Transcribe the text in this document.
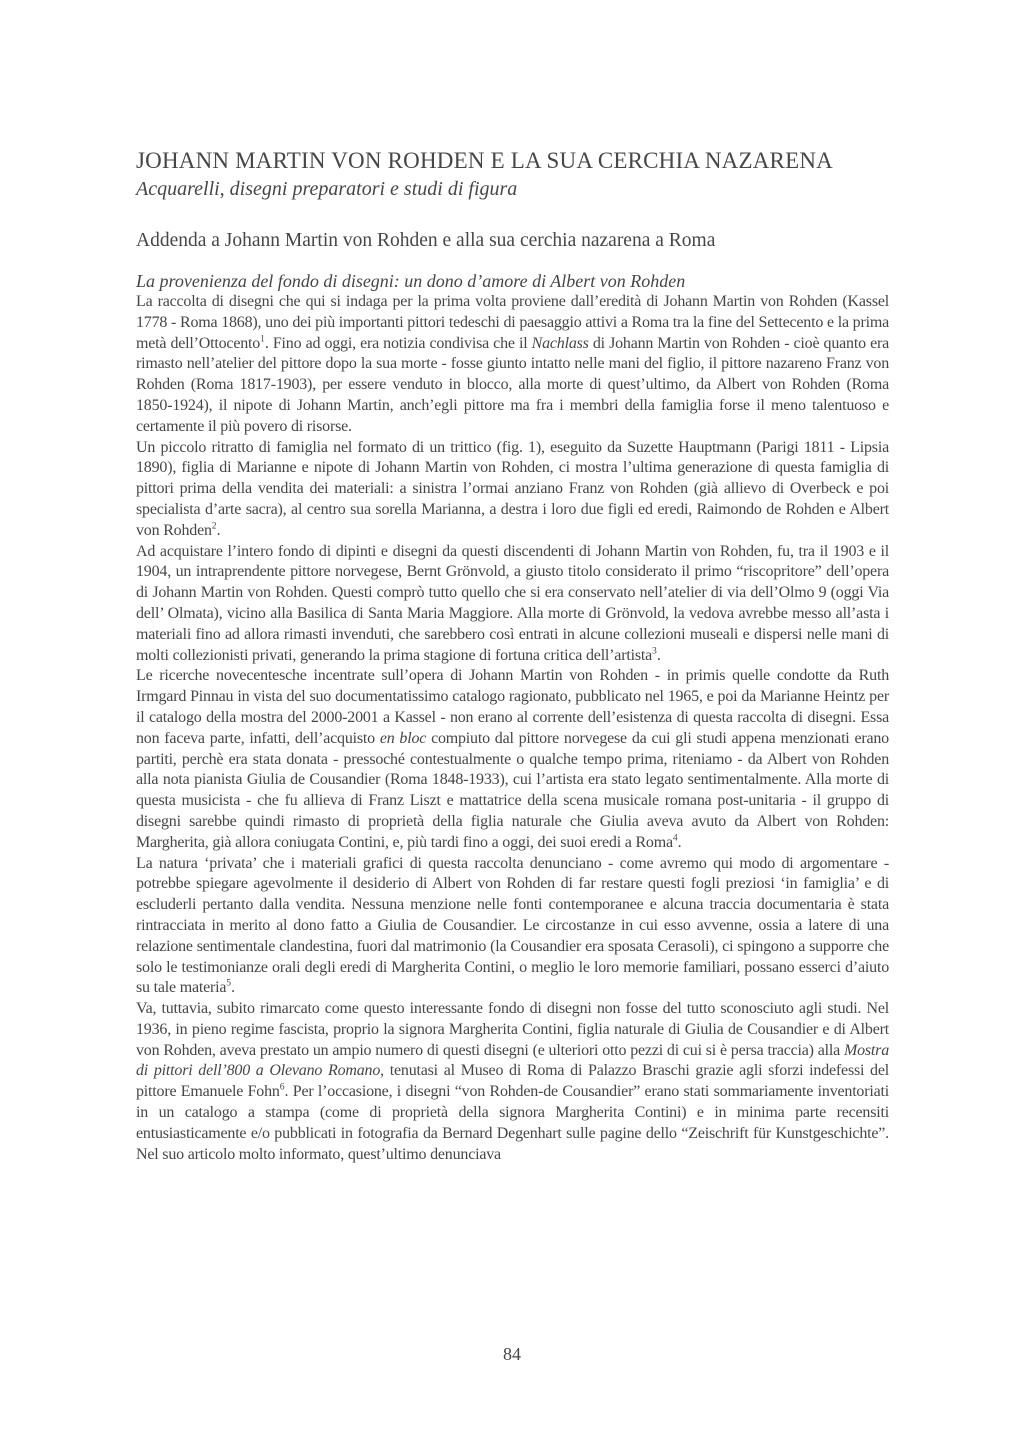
JOHANN MARTIN VON ROHDEN E LA SUA CERCHIA NAZARENA
Acquarelli, disegni preparatori e studi di figura
Addenda a Johann Martin von Rohden e alla sua cerchia nazarena a Roma
La provenienza del fondo di disegni: un dono d’amore di Albert von Rohden

La raccolta di disegni che qui si indaga per la prima volta proviene dall’eredità di Johann Martin von Rohden (Kassel 1778 - Roma 1868), uno dei più importanti pittori tedeschi di paesaggio attivi a Roma tra la fine del Settecento e la prima metà dell’Ottocento$^1$. Fino ad oggi, era notizia condivisa che il Nachlass di Johann Martin von Rohden - cioè quanto era rimasto nell’atelier del pittore dopo la sua morte - fosse giunto intatto nelle mani del figlio, il pittore nazareno Franz von Rohden (Roma 1817-1903), per essere venduto in blocco, alla morte di quest’ultimo, da Albert von Rohden (Roma 1850-1924), il nipote di Johann Martin, anch’egli pittore ma fra i membri della famiglia forse il meno talentuoso e certamente il più povero di risorse.

Un piccolo ritratto di famiglia nel formato di un trittico (fig. 1), eseguito da Suzette Hauptmann (Parigi 1811 - Lipsia 1890), figlia di Marianne e nipote di Johann Martin von Rohden, ci mostra l’ultima generazione di questa famiglia di pittori prima della vendita dei materiali: a sinistra l’ormai anziano Franz von Rohden (già allievo di Overbeck e poi specialista d’arte sacra), al centro sua sorella Marianna, a destra i loro due figli ed eredi, Raimondo de Rohden e Albert von Rohden$^2$.

Ad acquistare l’intero fondo di dipinti e disegni da questi discendenti di Johann Martin von Rohden, fu, tra il 1903 e il 1904, un intraprendente pittore norvegese, Bernt Grönvold, a giusto titolo considerato il primo “riscopritore” dell’opera di Johann Martin von Rohden. Questi comprò tutto quello che si era conservato nell’atelier di via dell’Olmo 9 (oggi Via dell’ Olmata), vicino alla Basilica di Santa Maria Maggiore. Alla morte di Grönvold, la vedova avrebbe messo all’asta i materiali fino ad allora rimasti invenduti, che sarebbero così entrati in alcune collezioni museali e dispersi nelle mani di molti collezionisti privati, generando la prima stagione di fortuna critica dell’artista$^3$.

Le ricerche novecentesche incentrate sull’opera di Johann Martin von Rohden - in primis quelle condotte da Ruth Irmgard Pinnau in vista del suo documentatissimo catalogo ragionato, pubblicato nel 1965, e poi da Marianne Heintz per il catalogo della mostra del 2000-2001 a Kassel - non erano al corrente dell’esistenza di questa raccolta di disegni. Essa non faceva parte, infatti, dell’acquisto en bloc compiuto dal pittore norvegese da cui gli studi appena menzionati erano partiti, perchè era stata donata - pressoché contestualmente o qualche tempo prima, riteniamo - da Albert von Rohden alla nota pianista Giulia de Cousandier (Roma 1848-1933), cui l’artista era stato legato sentimentalmente. Alla morte di questa musicista - che fu allieva di Franz Liszt e mattatrice della scena musicale romana post-unitaria - il gruppo di disegni sarebbe quindi rimasto di proprietà della figlia naturale che Giulia aveva avuto da Albert von Rohden: Margherita, già allora coniugata Contini, e, più tardi fino a oggi, dei suoi eredi a Roma$^4$.

La natura ‘privata’ che i materiali grafici di questa raccolta denunciano - come avremo qui modo di argomentare - potrebbe spiegare agevolmente il desiderio di Albert von Rohden di far restare questi fogli preziosi ‘in famiglia’ e di escluderli pertanto dalla vendita. Nessuna menzione nelle fonti contemporanee e alcuna traccia documentaria è stata rintracciata in merito al dono fatto a Giulia de Cousandier. Le circostanze in cui esso avvenne, ossia a latere di una relazione sentimentale clandestina, fuori dal matrimonio (la Cousandier era sposata Cerasoli), ci spingono a supporre che solo le testimonianze orali degli eredi di Margherita Contini, o meglio le loro memorie familiari, possano esserci d’aiuto su tale materia$^5$.

Va, tuttavia, subito rimarcato come questo interessante fondo di disegni non fosse del tutto sconosciuto agli studi. Nel 1936, in pieno regime fascista, proprio la signora Margherita Contini, figlia naturale di Giulia de Cousandier e di Albert von Rohden, aveva prestato un ampio numero di questi disegni (e ulteriori otto pezzi di cui si è persa traccia) alla Mostra di pittori dell’800 a Olevano Romano, tenutasi al Museo di Roma di Palazzo Braschi grazie agli sforzi indefessi del pittore Emanuele Fohn$^6$. Per l’occasione, i disegni “von Rohden-de Cousandier” erano stati sommariamente inventoriati in un catalogo a stampa (come di proprietà della signora Margherita Contini) e in minima parte recensiti entusiasticamente e/o pubblicati in fotografia da Bernard Degenhart sulle pagine dello “Zeischrift für Kunstgeschichte”. Nel suo articolo molto informato, quest’ultimo denunciava

84
